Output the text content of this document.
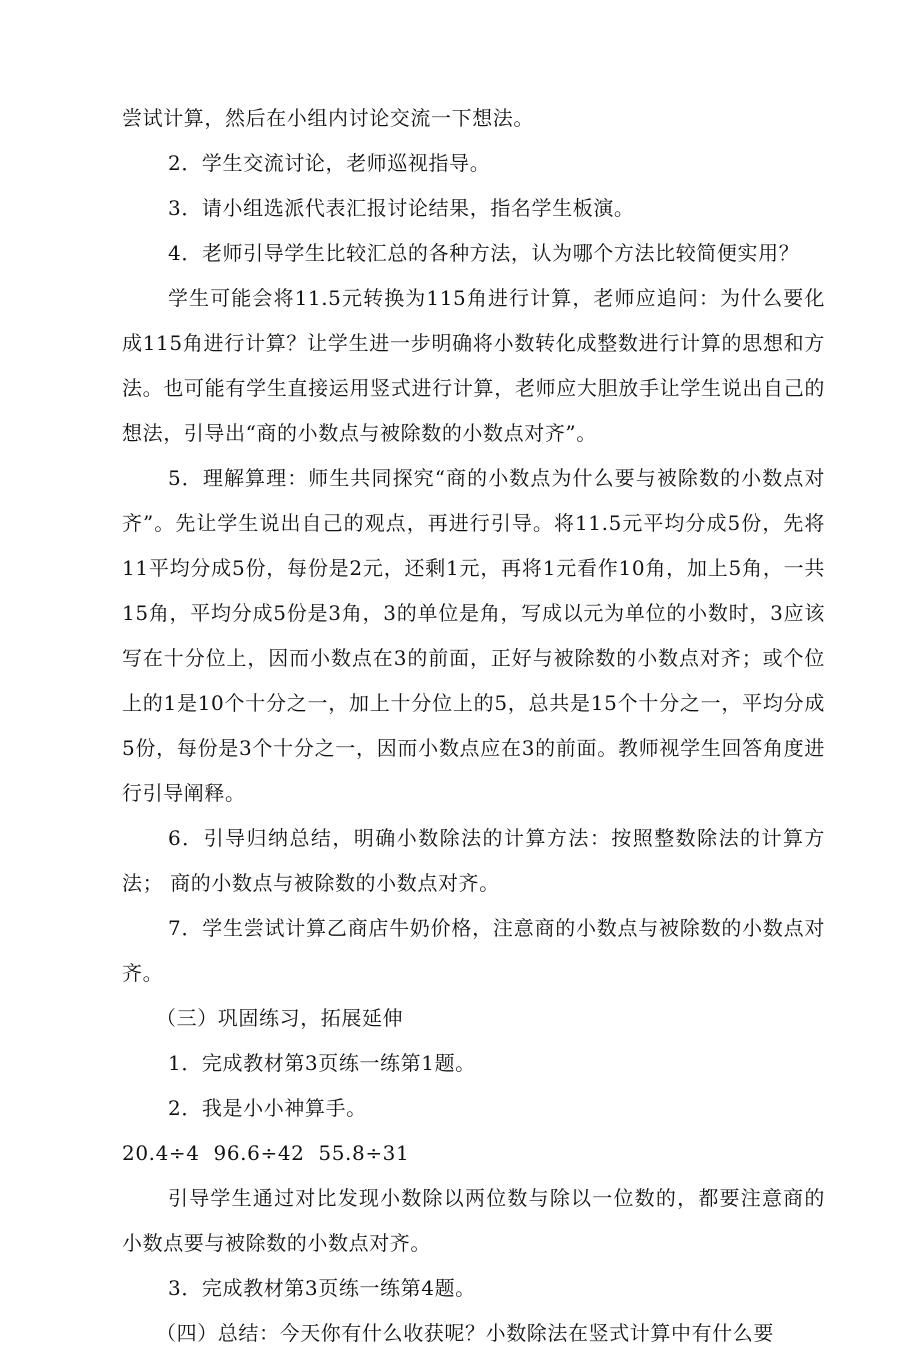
尝试计算，然后在小组内讨论交流一下想法。

2．学生交流讨论，老师巡视指导。

3．请小组选派代表汇报讨论结果，指名学生板演。

4．老师引导学生比较汇总的各种方法，认为哪个方法比较简便实用？

学生可能会将11.5元转换为115角进行计算，老师应追问：为什么要化成115角进行计算？让学生进一步明确将小数转化成整数进行计算的思想和方法。也可能有学生直接运用竖式进行计算，老师应大胆放手让学生说出自己的想法，引导出“商的小数点与被除数的小数点对齐”。

5．理解算理：师生共同探究“商的小数点为什么要与被除数的小数点对齐”。先让学生说出自己的观点，再进行引导。将11.5元平均分成5份，先将11平均分成5份，每份是2元，还剩1元，再将1元看作10角，加上5角，一共15角，平均分成5份是3角，3的单位是角，写成以元为单位的小数时，3应该写在十分位上，因而小数点在3的前面，正好与被除数的小数点对齐；或个位上的1是10个十分之一，加上十分位上的5，总共是15个十分之一，平均分成5份，每份是3个十分之一，因而小数点应在3的前面。教师视学生回答角度进行引导阐释。

6．引导归纳总结，明确小数除法的计算方法：按照整数除法的计算方法； 商的小数点与被除数的小数点对齐。

7．学生尝试计算乙商店牛奶价格，注意商的小数点与被除数的小数点对齐。

（三）巩固练习，拓展延伸

1．完成教材第3页练一练第1题。

2．我是小小神算手。

20.4÷4  96.6÷42  55.8÷31

引导学生通过对比发现小数除以两位数与除以一位数的，都要注意商的小数点要与被除数的小数点对齐。

3．完成教材第3页练一练第4题。

（四）总结：今天你有什么收获呢？小数除法在竖式计算中有什么要
